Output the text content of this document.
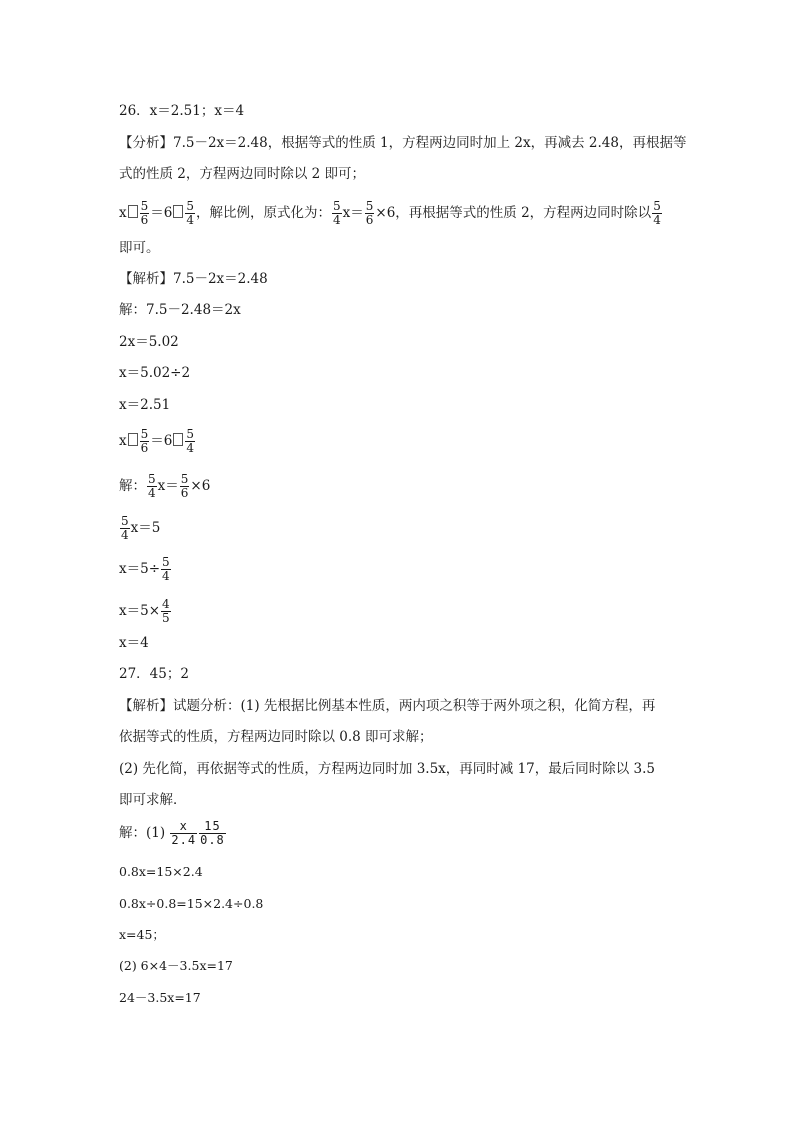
26．x＝2.51；x＝4
【分析】7.5－2x＝2.48，根据等式的性质 1，方程两边同时加上 2x，再减去 2.48，再根据等
式的性质 2，方程两边同时除以 2 即可；
x $\frac{5}{6} =6 \frac{5}{4}$ ，解比例，原式化为： $\frac{5}{4} x= \frac{5}{6} \times 6$，再根据等式的性质 2，方程两边同时除以 $\frac{5}{4}$
即可。
【解析】7.5－2x＝2.48
解：7.5－2.48＝2x
2x＝5.02
x＝5.02÷2
x＝2.51
x $\frac{5}{6} =6 \frac{5}{4}$
解： $\frac{5}{4} x= \frac{5}{6} \times 6$
$\frac{5}{4} x=5$
$x=5\div \frac{5}{4}$
$x=5\times \frac{4}{5}$
x＝4
27．45；2
【解析】试题分析：(1) 先根据比例基本性质，两内项之积等于两外项之积，化简方程，再
依据等式的性质，方程两边同时除以 0.8 即可求解；
(2) 先化简，再依据等式的性质，方程两边同时加 3.5x，再同时减 17，最后同时除以 3.5
即可求解．
解：$(1) \frac{x}{2.4} \frac{15}{0.8}$
0.8x=15×2.4
0.8x÷0.8=15×2.4÷0.8
x=45；
(2) 6×4－3.5x=17
24－3.5x=17
